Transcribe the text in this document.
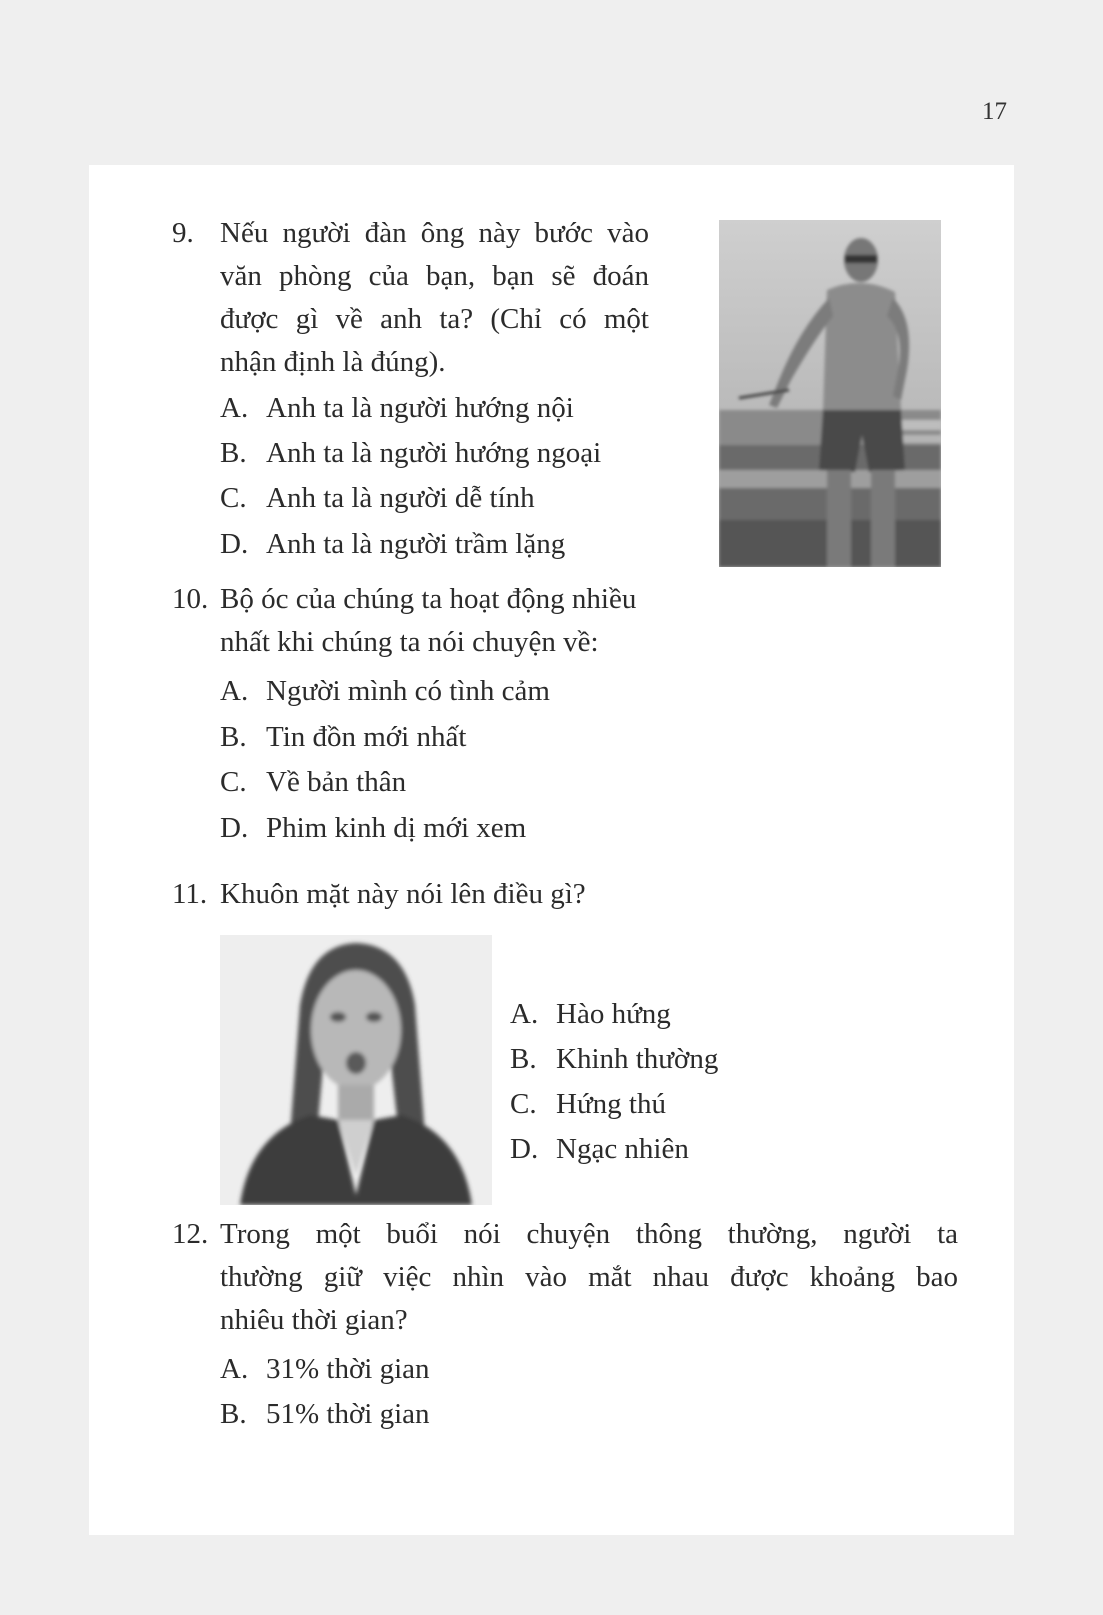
17
9. Nếu người đàn ông này bước vào
văn phòng của bạn, bạn sẽ đoán
được gì về anh ta? (Chỉ có một
nhận định là đúng).
A. Anh ta là người hướng nội
B. Anh ta là người hướng ngoại
C. Anh ta là người dễ tính
D. Anh ta là người trầm lặng
10. Bộ óc của chúng ta hoạt động nhiều
nhất khi chúng ta nói chuyện về:
A. Người mình có tình cảm
B. Tin đồn mới nhất
C. Về bản thân
D. Phim kinh dị mới xem
11. Khuôn mặt này nói lên điều gì?
A. Hào hứng
B. Khinh thường
C. Hứng thú
D. Ngạc nhiên
12. Trong một buổi nói chuyện thông thường, người ta
thường giữ việc nhìn vào mắt nhau được khoảng bao
nhiêu thời gian?
A. 31% thời gian
B. 51% thời gian
